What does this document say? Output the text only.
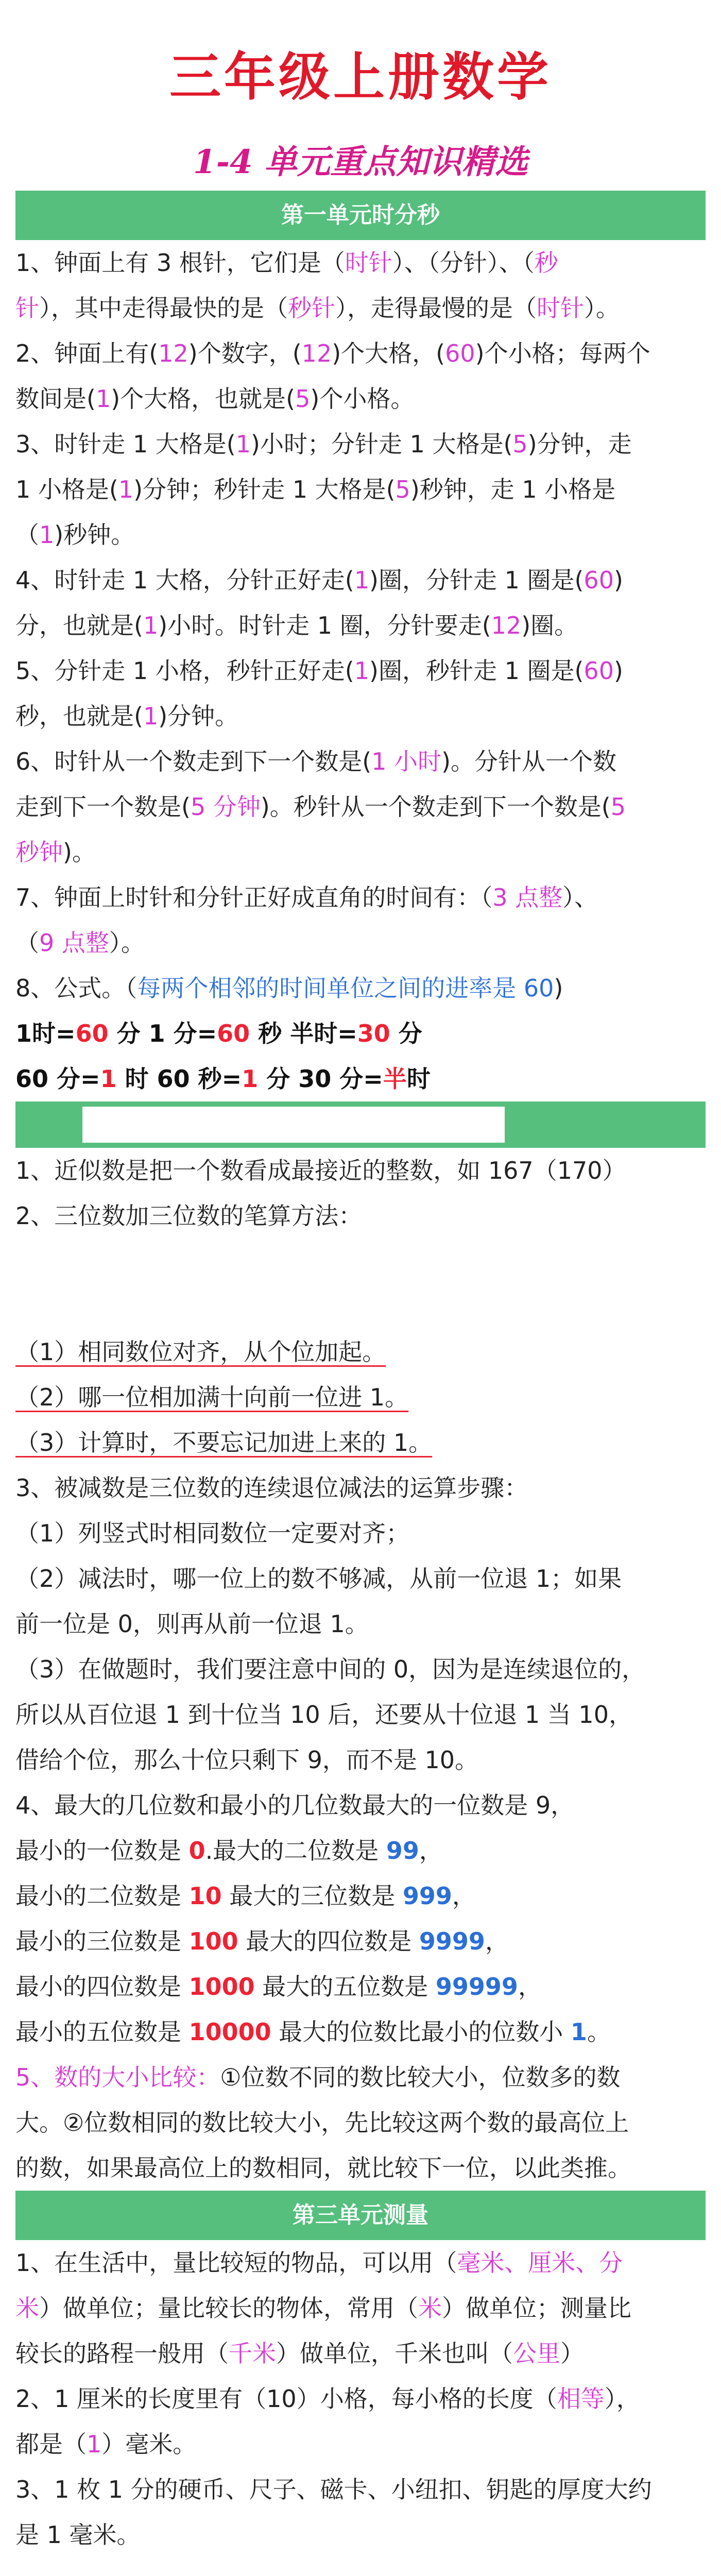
三年级上册数学
1-4 单元重点知识精选
第一单元时分秒

1、钟面上有 3 根针，它们是（时针）、（分针）、（秒

针），其中走得最快的是（秒针），走得最慢的是（时针）。

2、钟面上有(12)个数字，(12)个大格，(60)个小格；每两个

数间是(1)个大格，也就是(5)个小格。

3、时针走 1 大格是(1)小时；分针走 1 大格是(5)分钟，走

1 小格是(1)分钟；秒针走 1 大格是(5)秒钟，走 1 小格是

（1)秒钟。

4、时针走 1 大格，分针正好走(1)圈，分针走 1 圈是(60)

分，也就是(1)小时。时针走 1 圈，分针要走(12)圈。

5、分针走 1 小格，秒针正好走(1)圈，秒针走 1 圈是(60)

秒，也就是(1)分钟。

6、时针从一个数走到下一个数是(1 小时)。分针从一个数

走到下一个数是(5 分钟)。秒针从一个数走到下一个数是(5

秒钟)。

7、钟面上时针和分针正好成直角的时间有：（3 点整）、

（9 点整）。

8、公式。（每两个相邻的时间单位之间的进率是 60)

1时=60 分 1 分=60 秒 半时=30 分

60 分=1 时 60 秒=1 分 30 分=半时

1、近似数是把一个数看成最接近的整数，如 167（170）

2、三位数加三位数的笔算方法：

（1）相同数位对齐，从个位加起。

（2）哪一位相加满十向前一位进 1。

（3）计算时，不要忘记加进上来的 1。

3、被减数是三位数的连续退位减法的运算步骤：

（1）列竖式时相同数位一定要对齐；

（2）减法时，哪一位上的数不够减，从前一位退 1；如果

前一位是 0，则再从前一位退 1。

（3）在做题时，我们要注意中间的 0，因为是连续退位的，

所以从百位退 1 到十位当 10 后，还要从十位退 1 当 10，

借给个位，那么十位只剩下 9，而不是 10。

4、最大的几位数和最小的几位数最大的一位数是 9，

最小的一位数是 0.最大的二位数是 99，

最小的二位数是 10 最大的三位数是 999，

最小的三位数是 100 最大的四位数是 9999，

最小的四位数是 1000 最大的五位数是 99999，

最小的五位数是 10000 最大的位数比最小的位数小 1。

5、数的大小比较：①位数不同的数比较大小，位数多的数

大。②位数相同的数比较大小，先比较这两个数的最高位上

的数，如果最高位上的数相同，就比较下一位，以此类推。

第三单元测量

1、在生活中，量比较短的物品，可以用（毫米、厘米、分

米）做单位；量比较长的物体，常用（米）做单位；测量比

较长的路程一般用（千米）做单位，千米也叫（公里）

2、1 厘米的长度里有（10）小格，每小格的长度（相等），

都是（1）毫米。

3、1 枚 1 分的硬币、尺子、磁卡、小纽扣、钥匙的厚度大约

是 1 毫米。
